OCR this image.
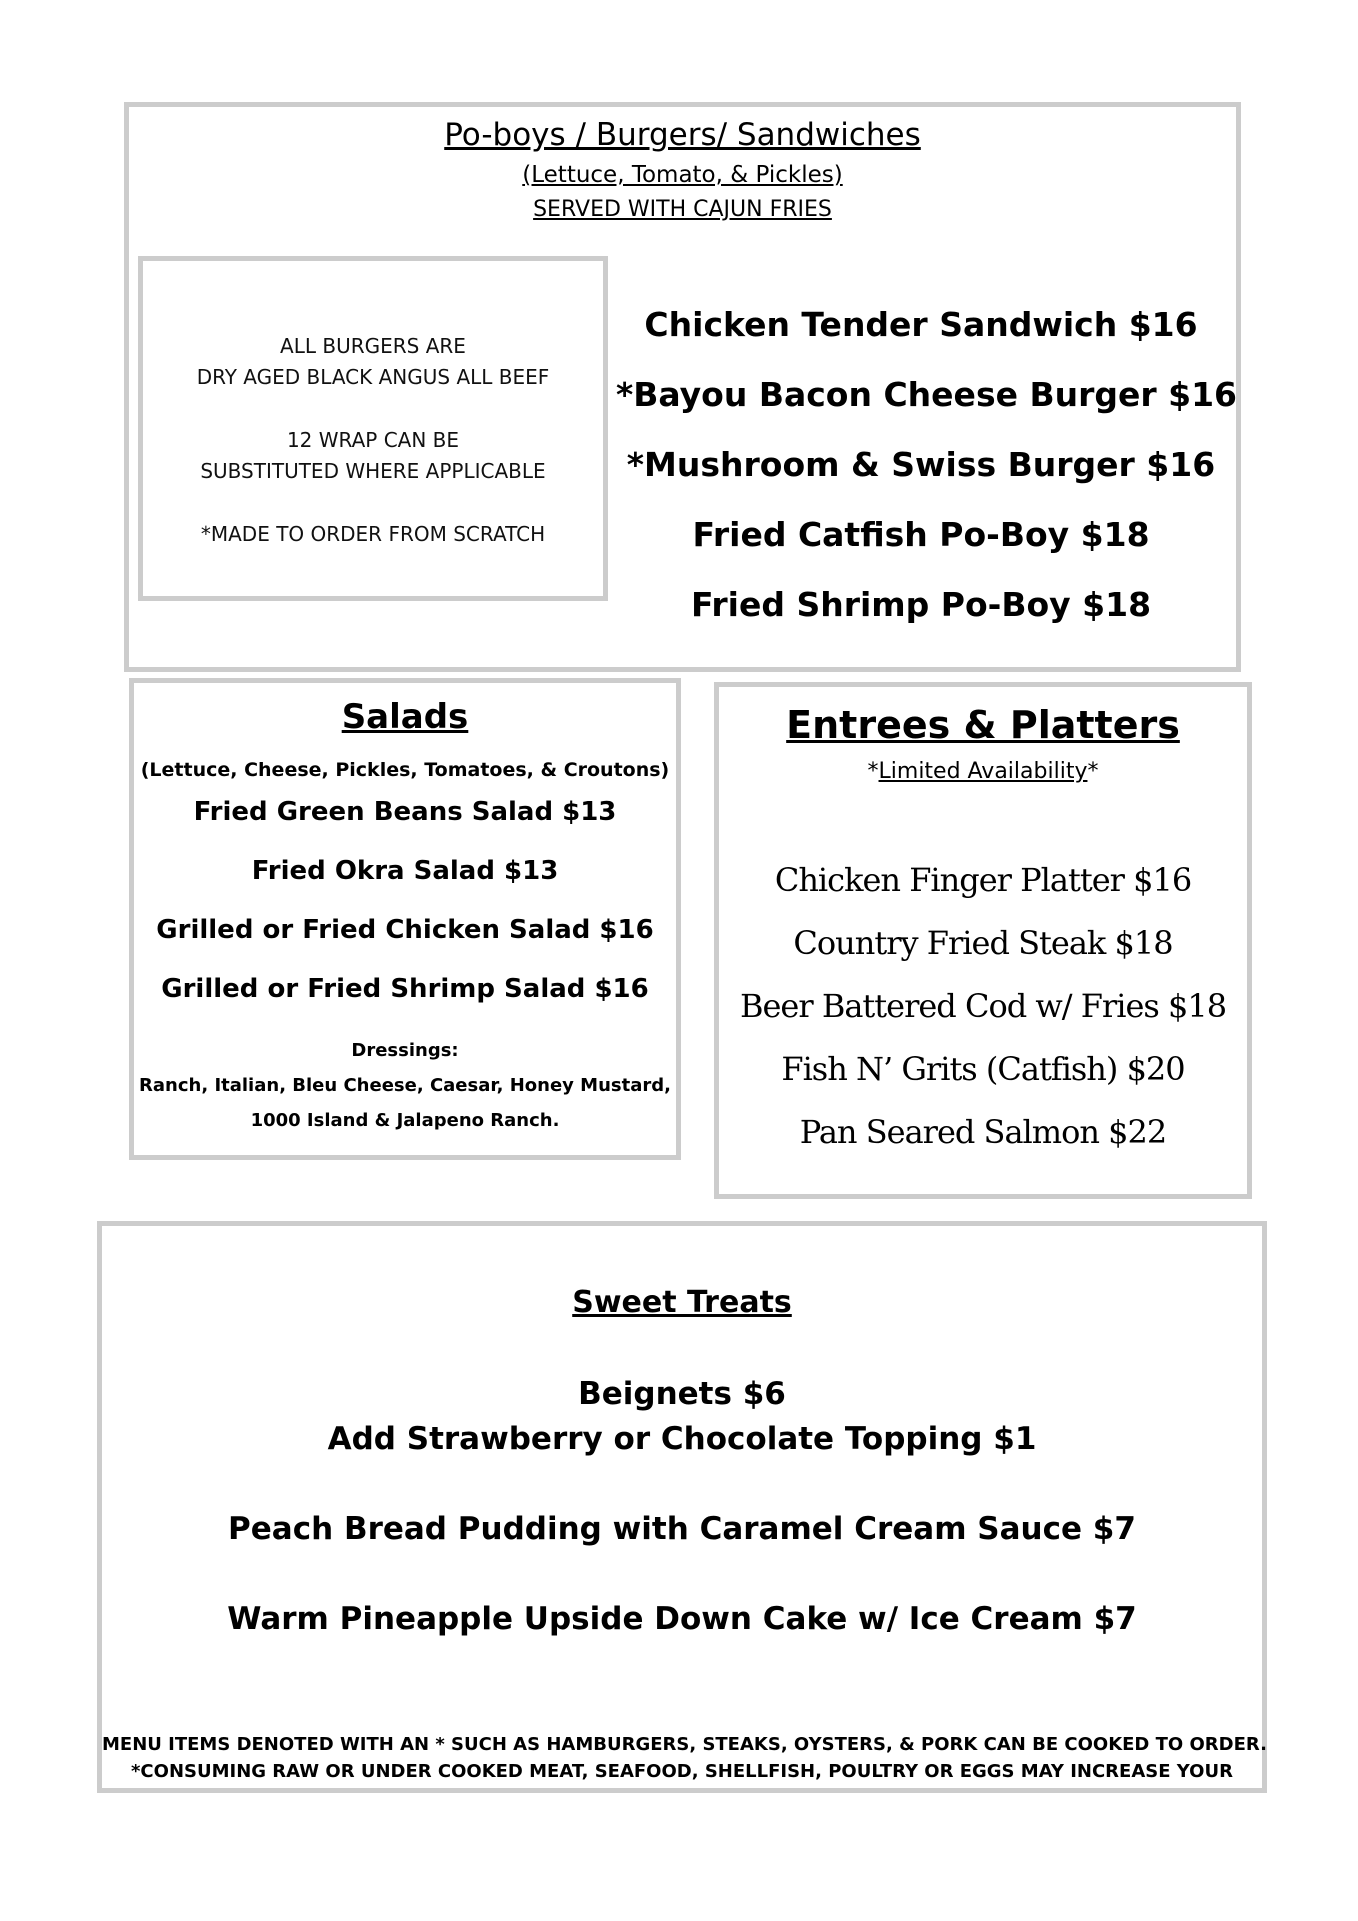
Po-boys / Burgers/ Sandwiches
(Lettuce, Tomato, & Pickles)
SERVED WITH CAJUN FRIES
ALL BURGERS ARE
DRY AGED BLACK ANGUS ALL BEEF
12 WRAP CAN BE
SUBSTITUTED WHERE APPLICABLE
*MADE TO ORDER FROM SCRATCH
Chicken Tender Sandwich $16
*Bayou Bacon Cheese Burger $16
*Mushroom & Swiss Burger $16
Fried Catfish Po-Boy $18
Fried Shrimp Po-Boy $18
Salads
(Lettuce, Cheese, Pickles, Tomatoes, & Croutons)
Fried Green Beans Salad $13
Fried Okra Salad $13
Grilled or Fried Chicken Salad $16
Grilled or Fried Shrimp Salad $16
Dressings:
Ranch, Italian, Bleu Cheese, Caesar, Honey Mustard,
1000 Island & Jalapeno Ranch.
Entrees & Platters
*Limited Availability*
Chicken Finger Platter $16
Country Fried Steak $18
Beer Battered Cod w/ Fries $18
Fish N’ Grits (Catfish) $20
Pan Seared Salmon $22
Sweet Treats
Beignets $6
Add Strawberry or Chocolate Topping $1
Peach Bread Pudding with Caramel Cream Sauce $7
Warm Pineapple Upside Down Cake w/ Ice Cream $7
MENU ITEMS DENOTED WITH AN * SUCH AS HAMBURGERS, STEAKS, OYSTERS, & PORK CAN BE COOKED TO ORDER.
*CONSUMING RAW OR UNDER COOKED MEAT, SEAFOOD, SHELLFISH, POULTRY OR EGGS MAY INCREASE YOUR
